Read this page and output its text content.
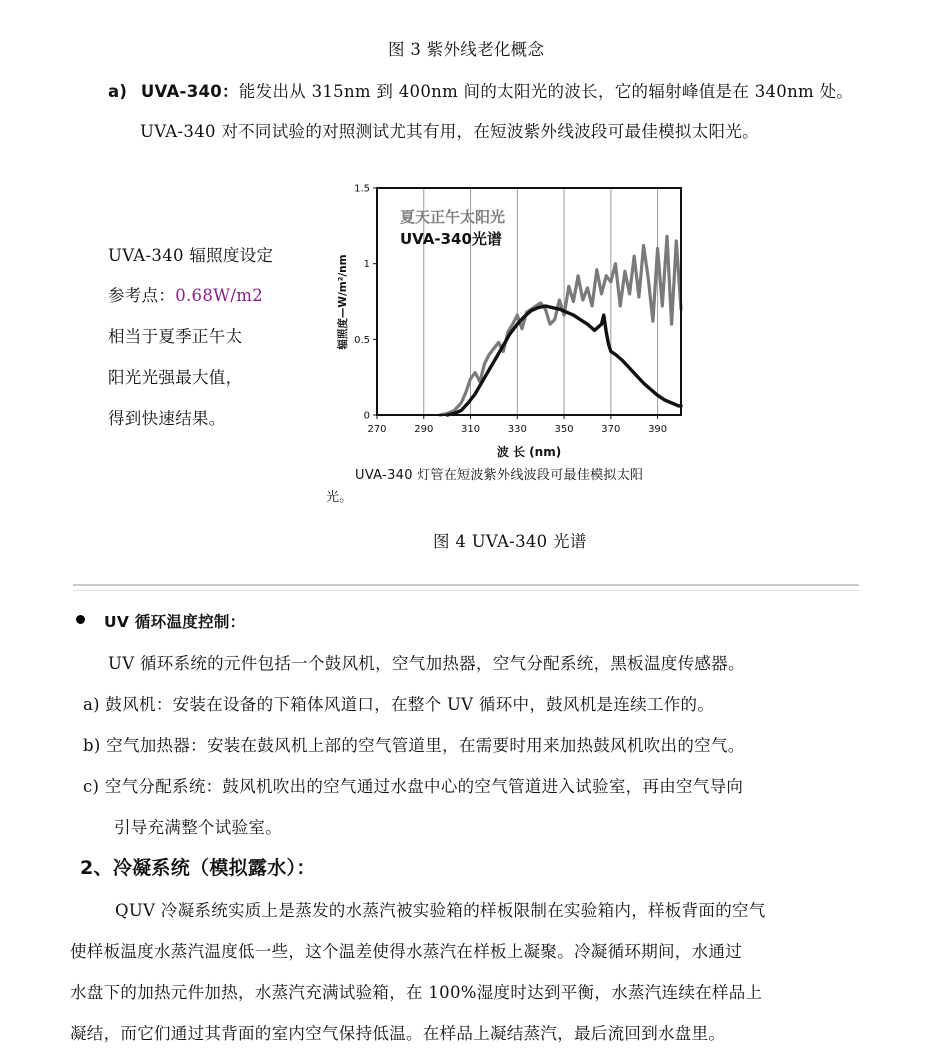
图 3 紫外线老化概念
a) UVA-340：能发出从 315nm 到 400nm 间的太阳光的波长，它的辐射峰值是在 340nm 处。
UVA-340 对不同试验的对照测试尤其有用，在短波紫外线波段可最佳模拟太阳光。
UVA-340 辐照度设定
参考点：0.68W/m2
相当于夏季正午太
阳光光强最大值，
得到快速结果。
270	290	310	330	350	370	390
0
0.5
1
1.5
夏天正午太阳光
UVA-340光谱
辐照度—W/m²/nm
波 长 (nm)
UVA-340 灯管在短波紫外线波段可最佳模拟太阳
光。
图 4 UVA-340 光谱
UV 循环温度控制：
UV 循环系统的元件包括一个鼓风机，空气加热器，空气分配系统，黑板温度传感器。
a) 鼓风机：安装在设备的下箱体风道口，在整个 UV 循环中，鼓风机是连续工作的。
b) 空气加热器：安装在鼓风机上部的空气管道里，在需要时用来加热鼓风机吹出的空气。
c) 空气分配系统：鼓风机吹出的空气通过水盘中心的空气管道进入试验室，再由空气导向
引导充满整个试验室。
2、冷凝系统（模拟露水）：
QUV 冷凝系统实质上是蒸发的水蒸汽被实验箱的样板限制在实验箱内，样板背面的空气
使样板温度水蒸汽温度低一些，这个温差使得水蒸汽在样板上凝聚。冷凝循环期间，水通过
水盘下的加热元件加热，水蒸汽充满试验箱，在 100%湿度时达到平衡，水蒸汽连续在样品上
凝结，而它们通过其背面的室内空气保持低温。在样品上凝结蒸汽，最后流回到水盘里。
